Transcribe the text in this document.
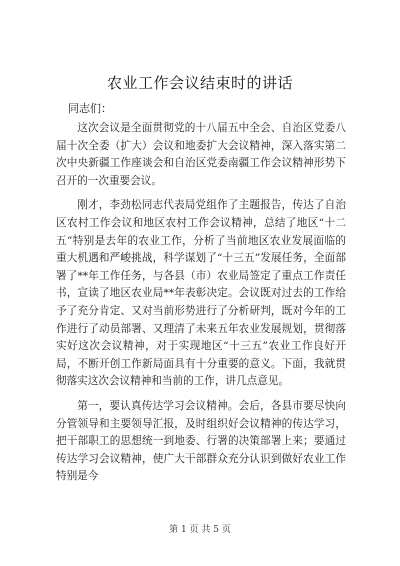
农业工作会议结束时的讲话
同志们：

这次会议是全面贯彻党的十八届五中全会、自治区党委八届十次全委（扩大）会议和地委扩大会议精神，深入落实第二次中央新疆工作座谈会和自治区党委南疆工作会议精神形势下召开的一次重要会议。

刚才，李劲松同志代表局党组作了主题报告，传达了自治区农村工作会议和地区农村工作会议精神，总结了地区“十二五”特别是去年的农业工作，分析了当前地区农业发展面临的重大机遇和严峻挑战，科学谋划了“十三五”发展任务，全面部署了**年工作任务，与各县（市）农业局签定了重点工作责任书，宣读了地区农业局**年表彰决定。会议既对过去的工作给予了充分肯定、又对当前形势进行了分析研判，既对今年的工作进行了动员部署、又理清了未来五年农业发展规划，贯彻落实好这次会议精神，对于实现地区“十三五”农业工作良好开局，不断开创工作新局面具有十分重要的意义。下面，我就贯彻落实这次会议精神和当前的工作，讲几点意见。

第一，要认真传达学习会议精神。会后，各县市要尽快向分管领导和主要领导汇报，及时组织好会议精神的传达学习，把干部职工的思想统一到地委、行署的决策部署上来；要通过传达学习会议精神，使广大干部群众充分认识到做好农业工作特别是今

第 1 页 共 5 页
